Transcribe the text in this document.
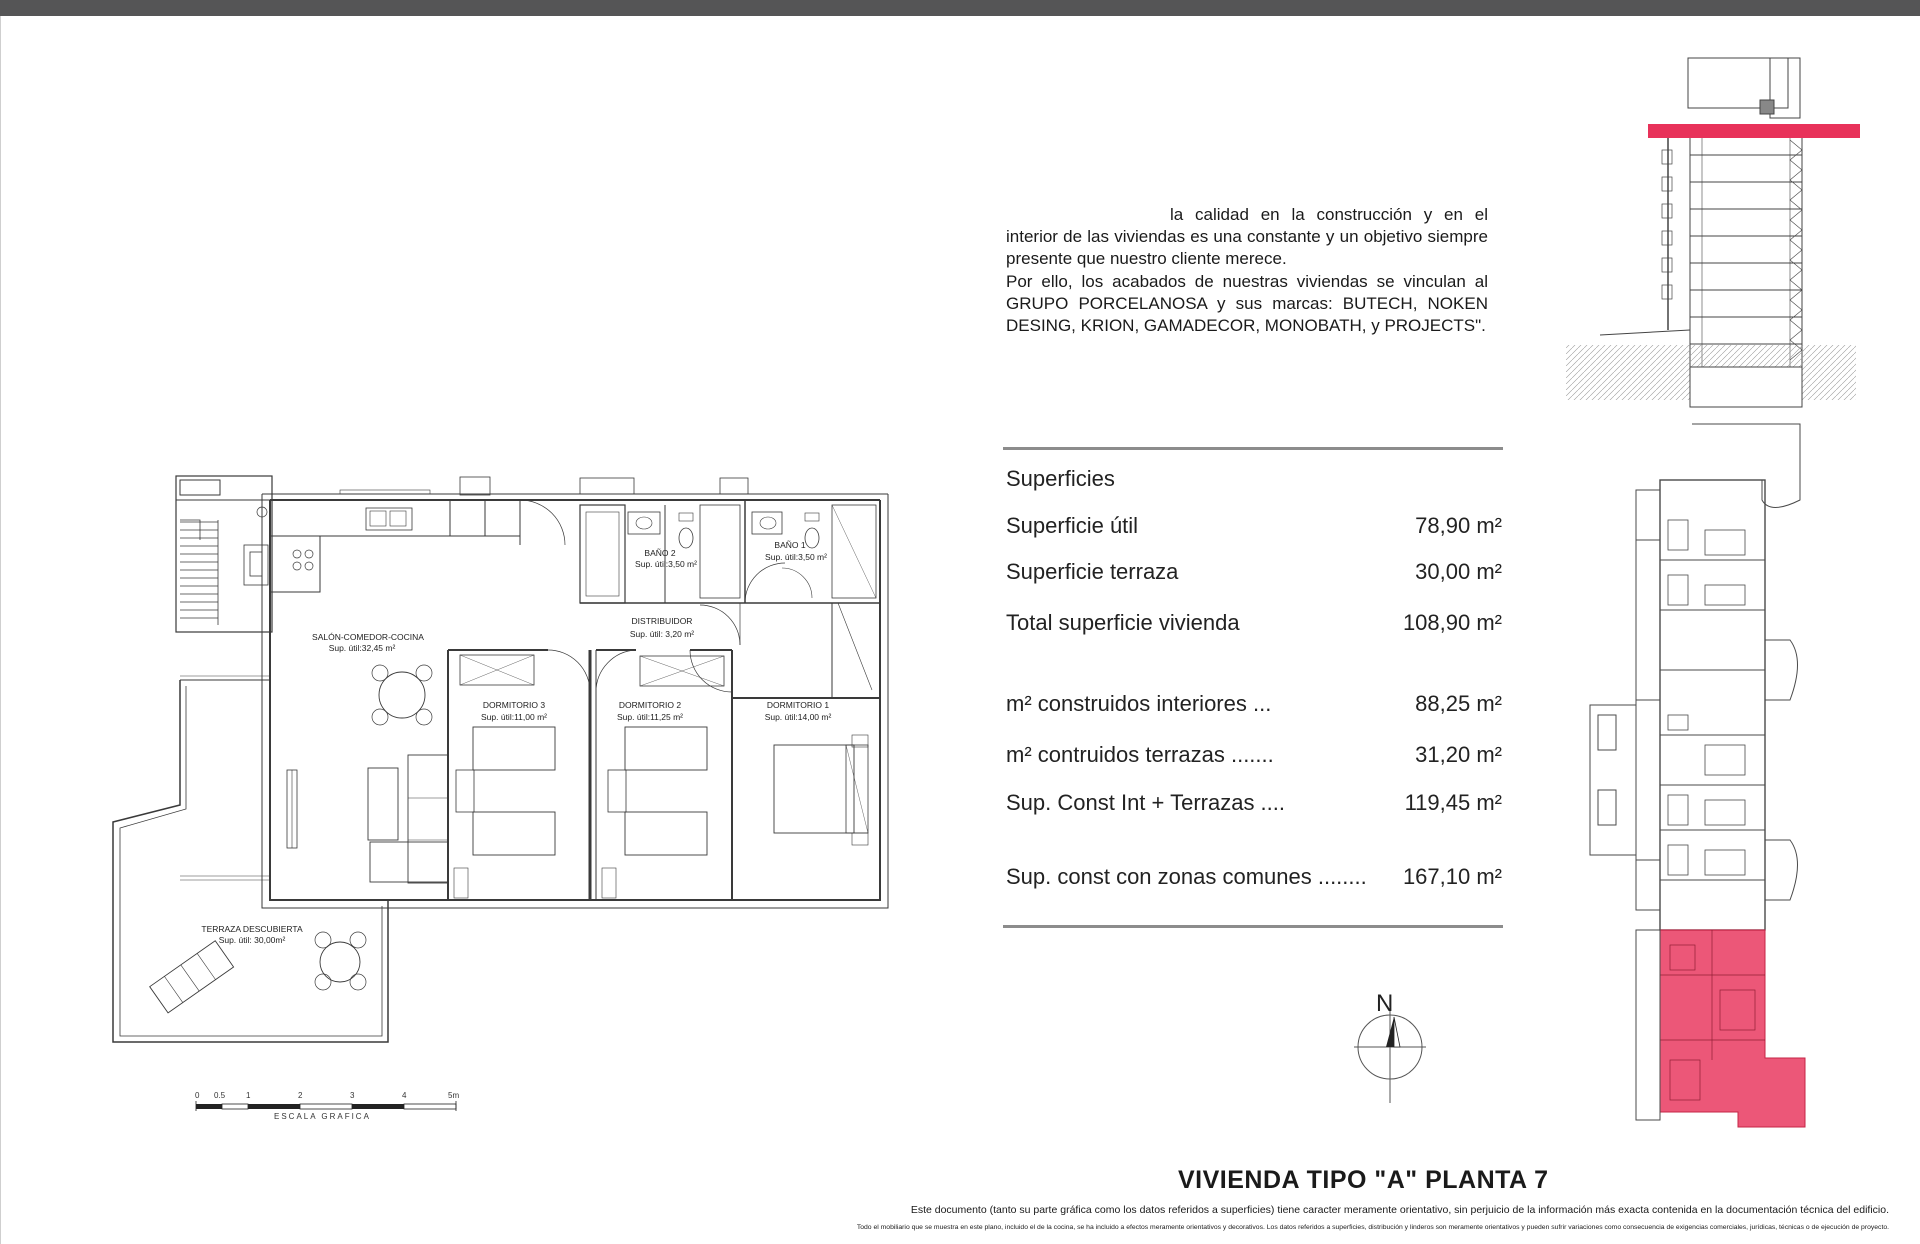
SALÓN-COMEDOR-COCINA
Sup. útil:32,45 m²
DISTRIBUIDOR
Sup. útil: 3,20 m²
BAÑO 2
Sup. útil:3,50 m²
BAÑO 1
Sup. útil:3,50 m²
DORMITORIO 3
Sup. útil:11,00 m²
DORMITORIO 2
Sup. útil:11,25 m²
DORMITORIO 1
Sup. útil:14,00 m²
TERRAZA DESCUBIERTA
Sup. útil: 30,00m²
0 0.5	1	2	3	4	5m
ESCALA GRAFICA

la calidad en la construcción y en el interior de las viviendas es una constante y un objetivo siempre presente que nuestro cliente merece.

Por ello, los acabados de nuestras viviendas se vinculan al GRUPO PORCELANOSA y sus marcas: BUTECH, NOKEN DESING, KRION, GAMADECOR, MONOBATH, y PROJECTS".

Superficies
Superficie útil	78,90 m²
Superficie terraza	30,00 m²
Total superficie vivienda	108,90 m²
m² construidos interiores ...	88,25 m²
m² contruidos terrazas .......	31,20 m²
Sup. Const Int + Terrazas ....	119,45 m²
Sup. const con zonas comunes ........ 167,10 m²
N
VIVIENDA TIPO "A" PLANTA 7
Este documento (tanto su parte gráfica como los datos referidos a superficies) tiene caracter meramente orientativo, sin perjuicio de la información más exacta contenida en la documentación técnica del edificio.
Todo el mobiliario que se muestra en este plano, incluido el de la cocina, se ha incluido a efectos meramente orientativos y decorativos. Los datos referidos a superficies, distribución y linderos son meramente orientativos y pueden sufrir variaciones como consecuencia de exigencias comerciales, jurídicas, técnicas o de ejecución de proyecto.
